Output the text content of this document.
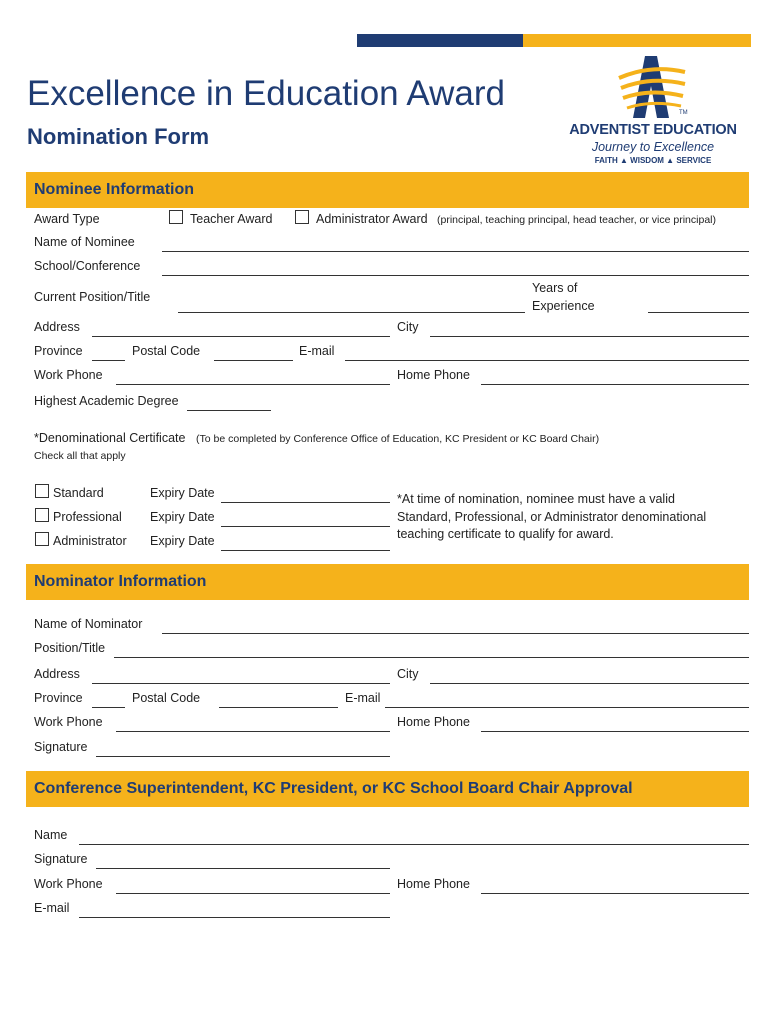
Excellence in Education Award
Nomination Form
TM
ADVENTIST EDUCATION
Journey to Excellence
FAITH ▲ WISDOM ▲ SERVICE
Nominee Information
Award Type	Teacher Award	Administrator Award (principal, teaching principal, head teacher, or vice principal)
Name of Nominee
School/Conference
Current Position/Title
Years of
Experience
Address	City
Province	Postal Code	E-mail
Work Phone	Home Phone
Highest Academic Degree
*Denominational Certificate (To be completed by Conference Office of Education, KC President or KC Board Chair)
Check all that apply
Standard	Expiry Date
Professional Expiry Date
Administrator Expiry Date
*At time of nomination, nominee must have a valid
Standard, Professional, or Administrator denominational
teaching certificate to qualify for award.
Nominator Information
Name of Nominator
Position/Title
Address	City
Province	Postal Code	E-mail
Work Phone	Home Phone
Signature
Conference Superintendent, KC President, or KC School Board Chair Approval
Name
Signature
Work Phone	Home Phone
E-mail
